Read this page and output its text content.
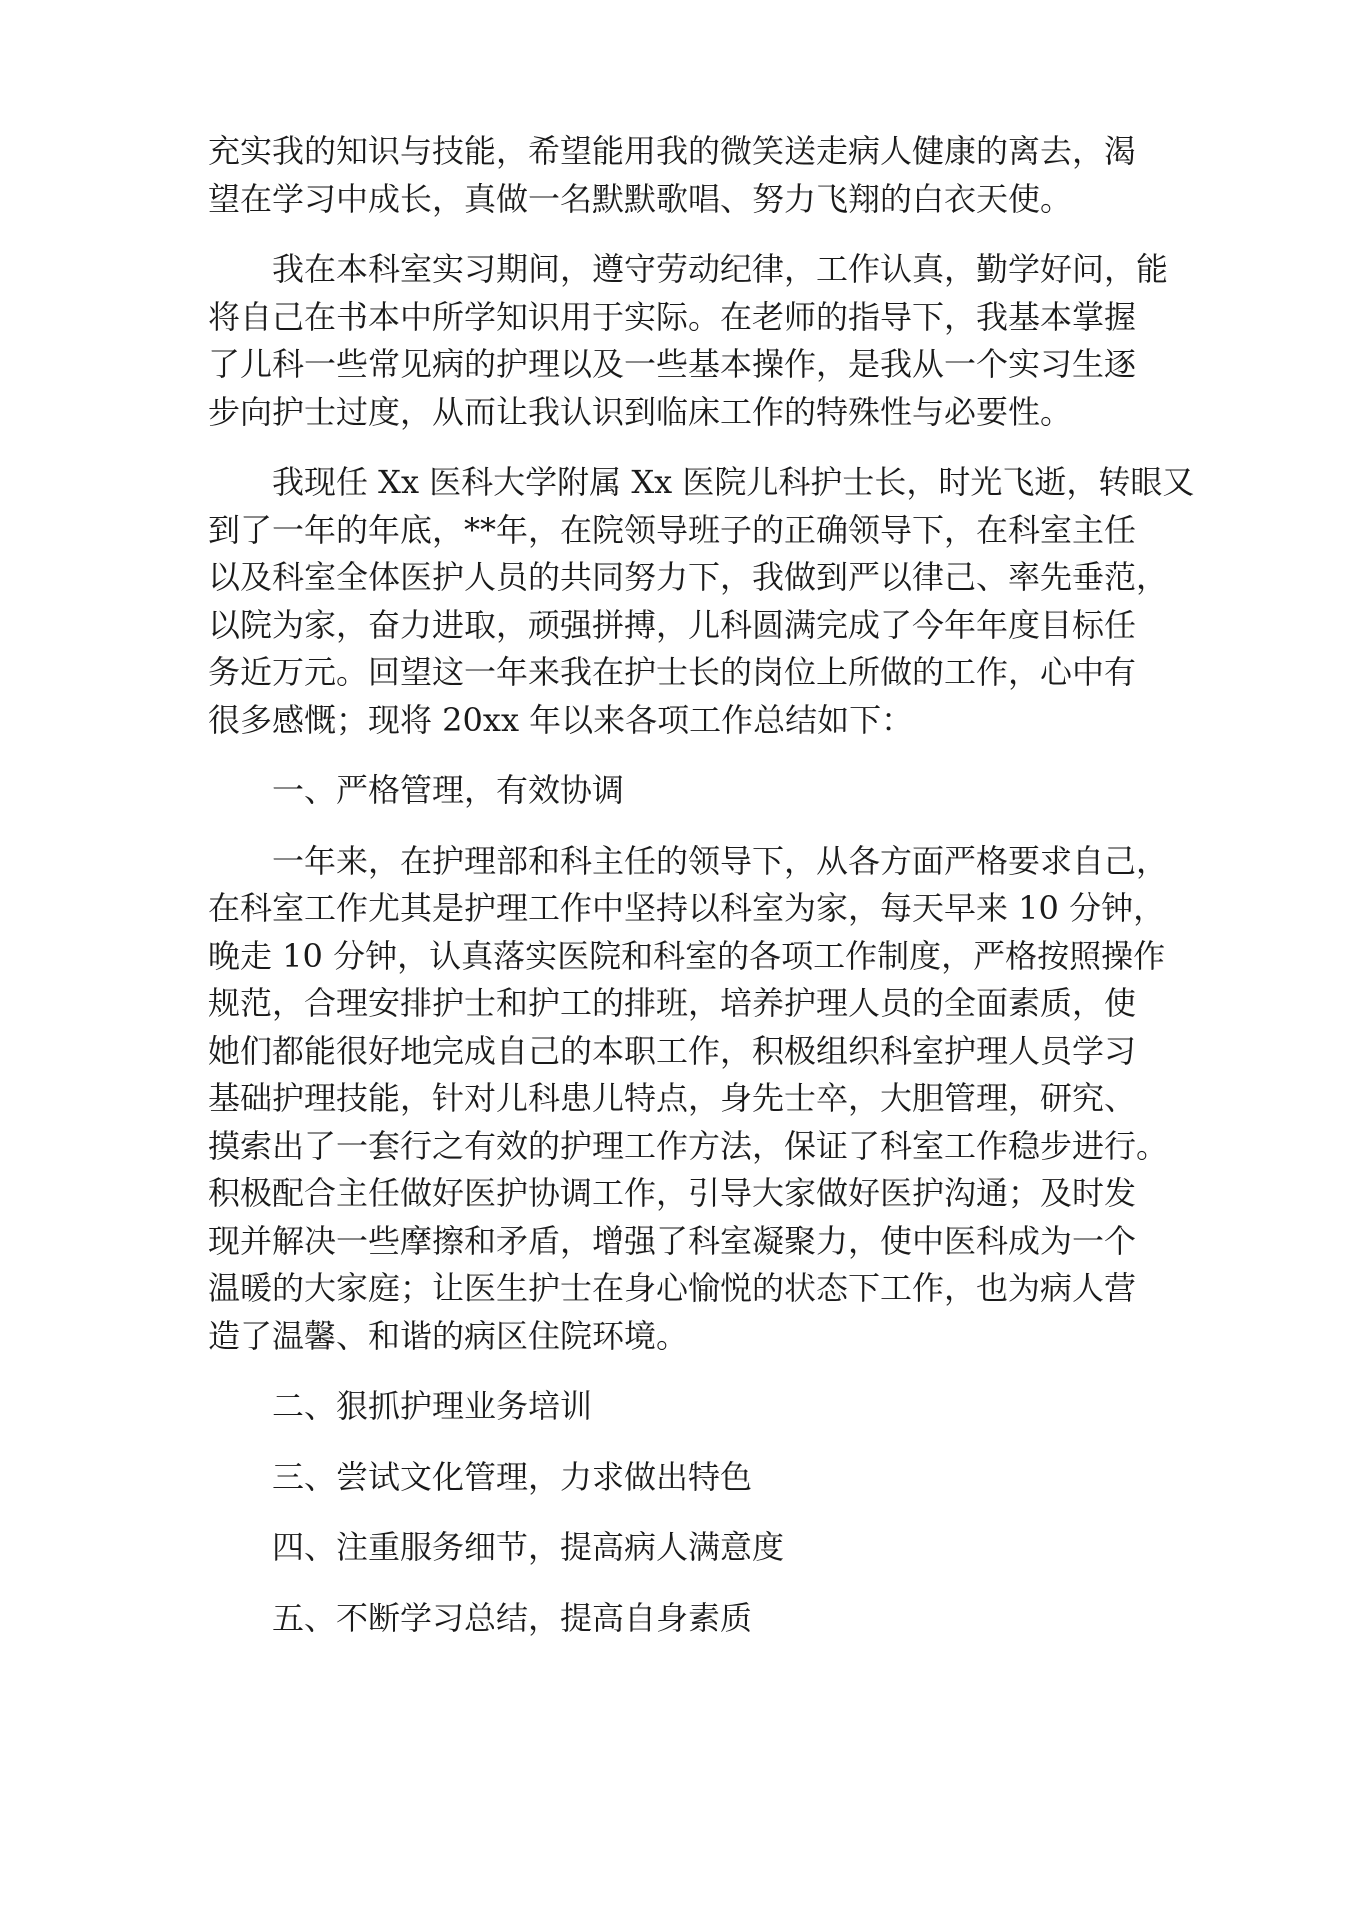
充实我的知识与技能，希望能用我的微笑送走病人健康的离去，渴
望在学习中成长，真做一名默默歌唱、努力飞翔的白衣天使。
我在本科室实习期间，遵守劳动纪律，工作认真，勤学好问，能
将自己在书本中所学知识用于实际。在老师的指导下，我基本掌握
了儿科一些常见病的护理以及一些基本操作，是我从一个实习生逐
步向护士过度，从而让我认识到临床工作的特殊性与必要性。
我现任 Xx 医科大学附属 Xx 医院儿科护士长，时光飞逝，转眼又
到了一年的年底，**年，在院领导班子的正确领导下，在科室主任
以及科室全体医护人员的共同努力下，我做到严以律己、率先垂范，
以院为家，奋力进取，顽强拼搏，儿科圆满完成了今年年度目标任
务近万元。回望这一年来我在护士长的岗位上所做的工作，心中有
很多感慨；现将 20xx 年以来各项工作总结如下：
一、严格管理，有效协调
一年来，在护理部和科主任的领导下，从各方面严格要求自己，
在科室工作尤其是护理工作中坚持以科室为家，每天早来 10 分钟，
晚走 10 分钟，认真落实医院和科室的各项工作制度，严格按照操作
规范，合理安排护士和护工的排班，培养护理人员的全面素质，使
她们都能很好地完成自己的本职工作，积极组织科室护理人员学习
基础护理技能，针对儿科患儿特点，身先士卒，大胆管理，研究、
摸索出了一套行之有效的护理工作方法，保证了科室工作稳步进行。
积极配合主任做好医护协调工作，引导大家做好医护沟通；及时发
现并解决一些摩擦和矛盾，增强了科室凝聚力，使中医科成为一个
温暖的大家庭；让医生护士在身心愉悦的状态下工作，也为病人营
造了温馨、和谐的病区住院环境。
二、狠抓护理业务培训
三、尝试文化管理，力求做出特色
四、注重服务细节，提高病人满意度
五、不断学习总结，提高自身素质
